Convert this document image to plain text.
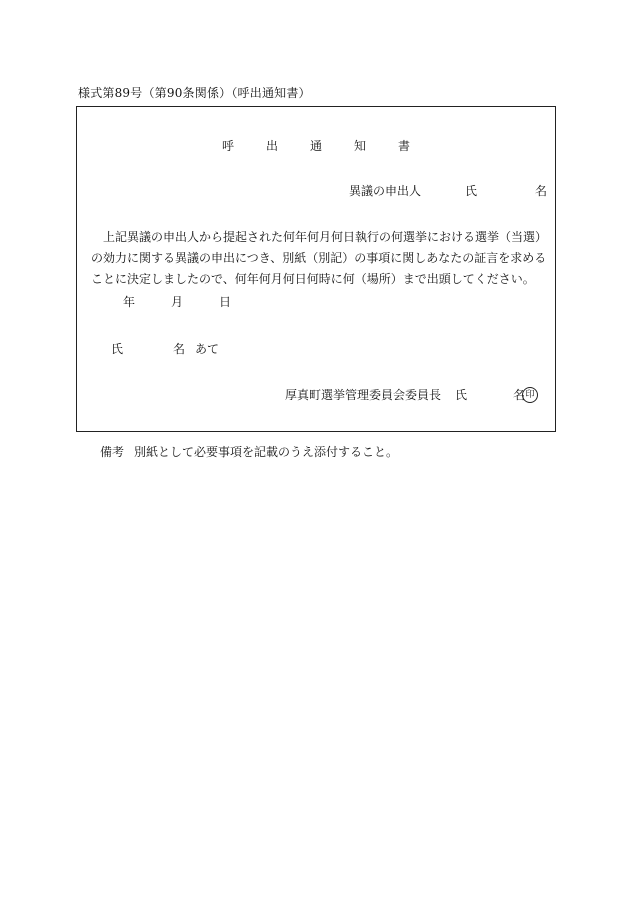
様式第89号（第90条関係）（呼出通知書）
呼	出	通	知	書
異議の申出人	氏	名
上記異議の申出人から提起された何年何月何日執行の何選挙における選挙（当選）の効力に関する異議の申出につき、別紙（別記）の事項に関しあなたの証言を求めることに決定しましたので、何年何月何日何時に何（場所）まで出頭してください。
年	月	日
氏	名 あて
厚真町選挙管理委員会委員長 氏	名印
備考 別紙として必要事項を記載のうえ添付すること。
